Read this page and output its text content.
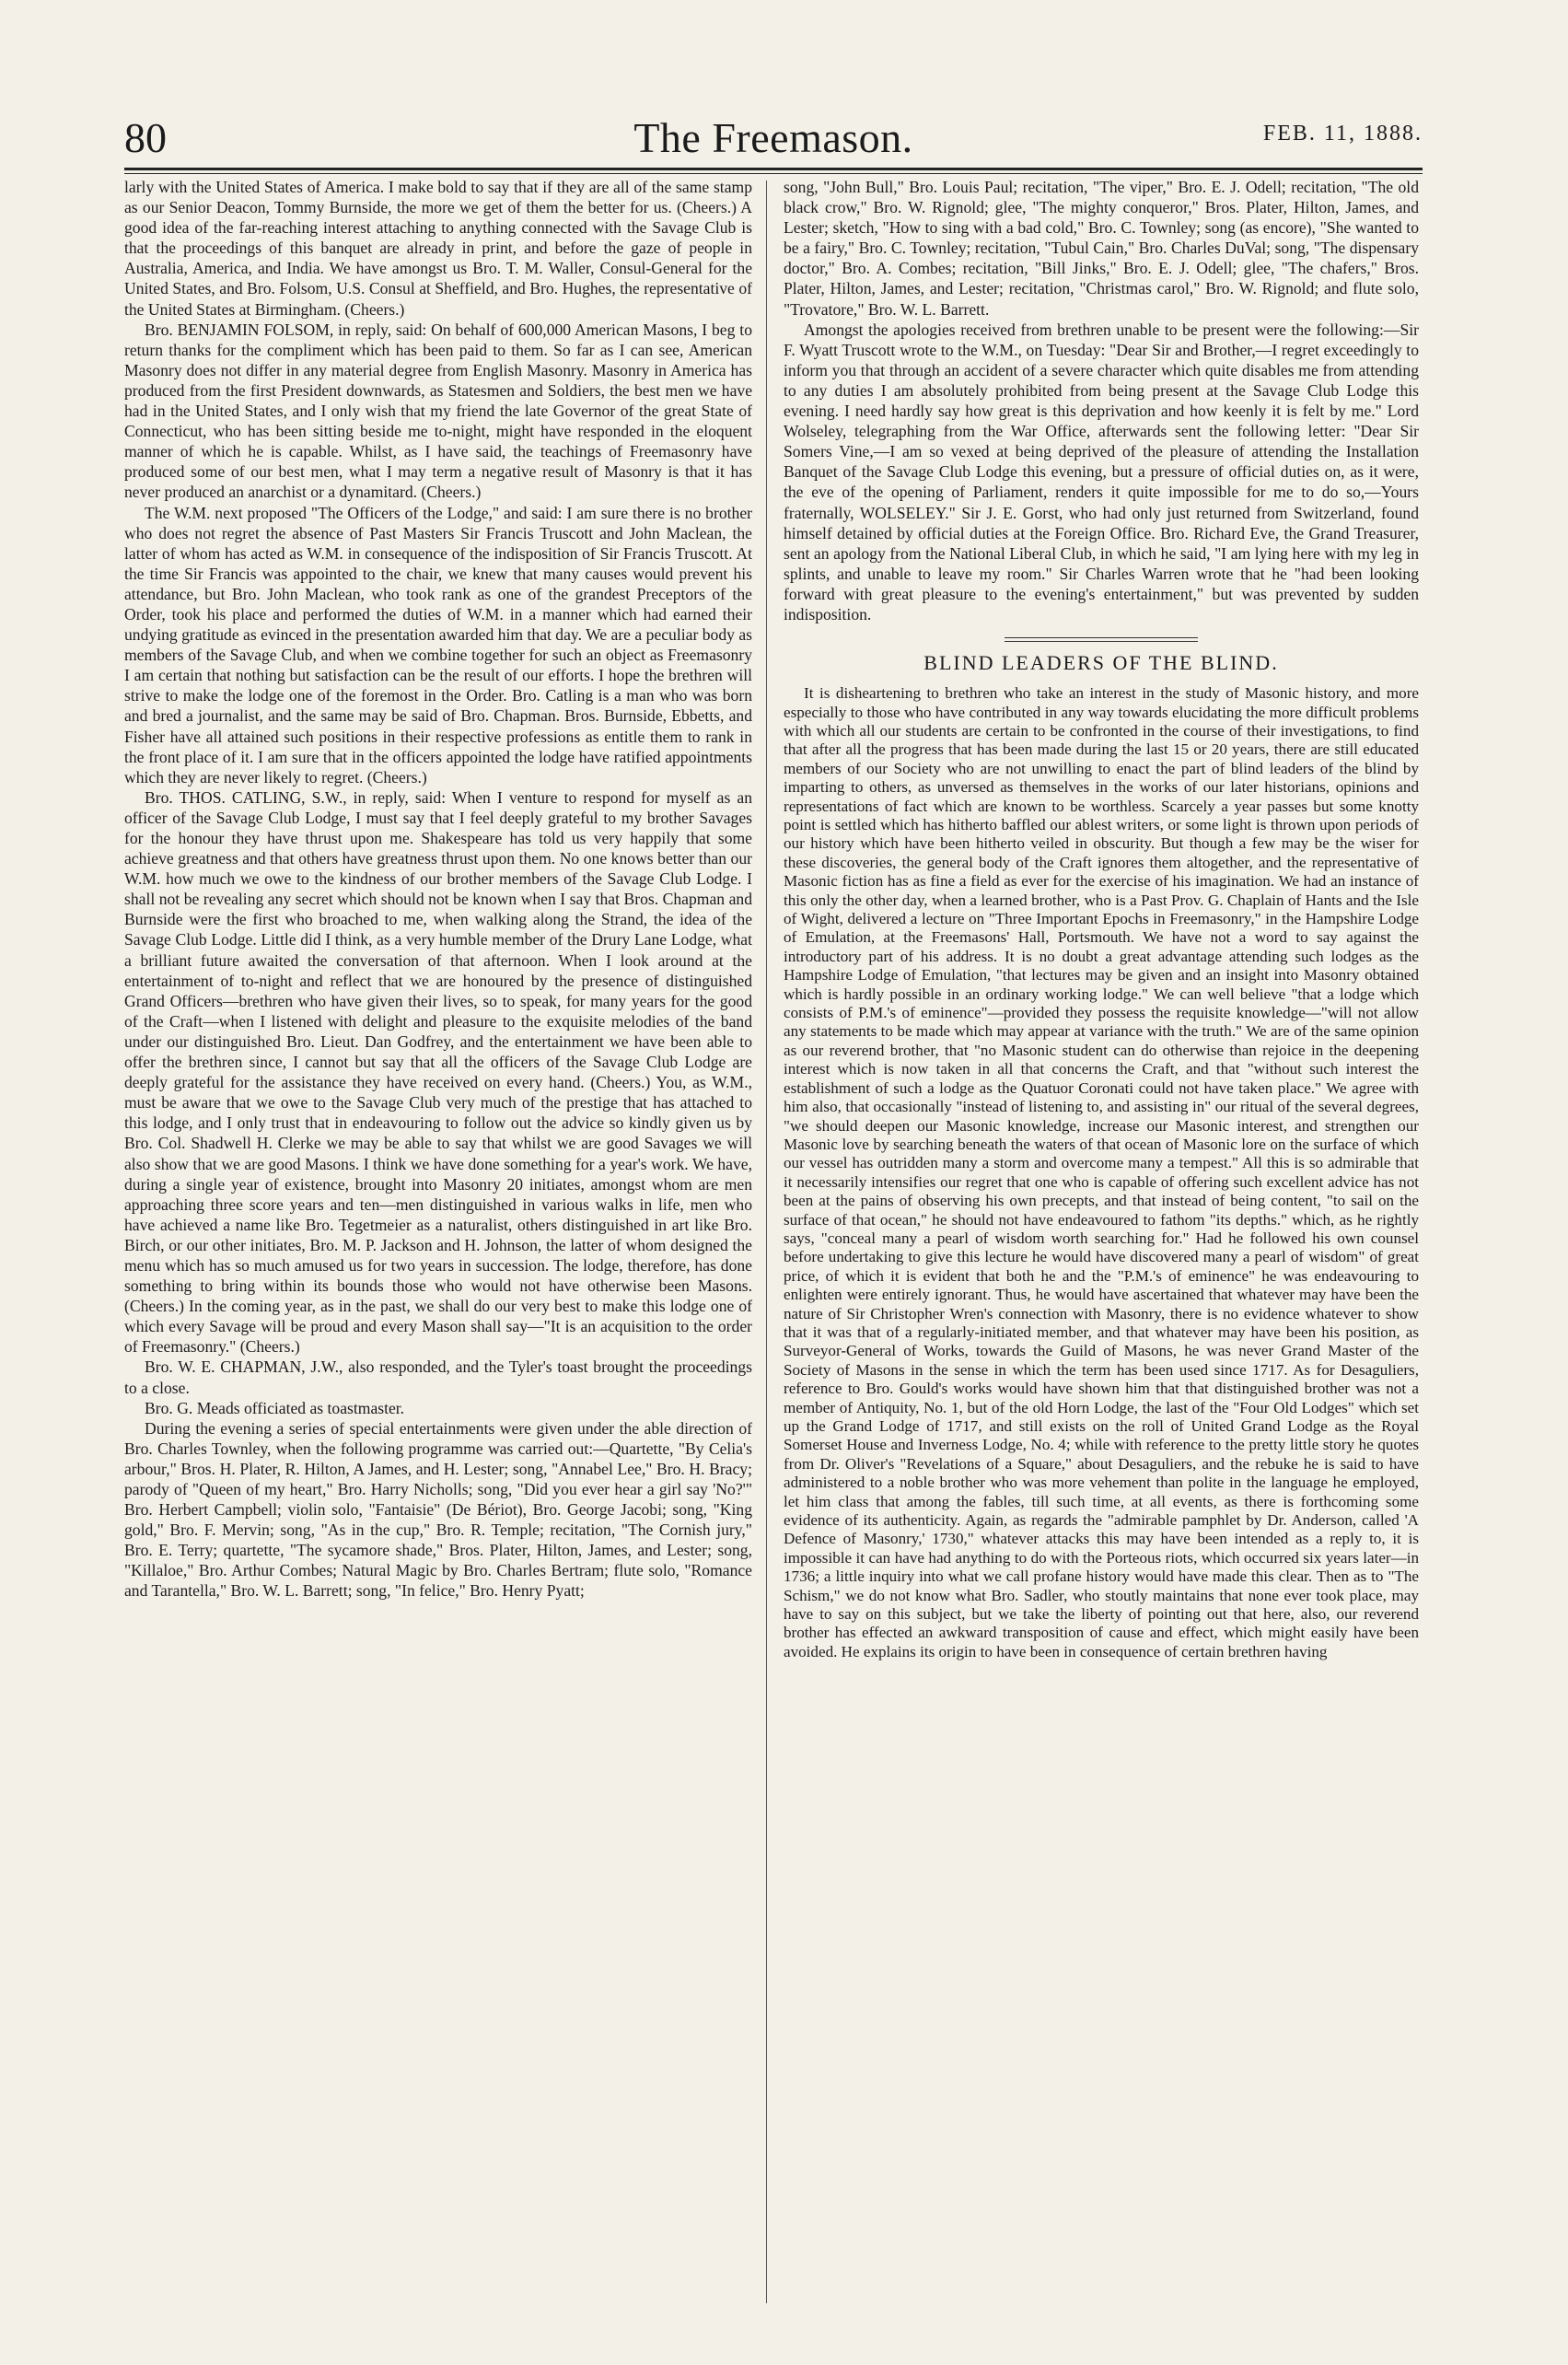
80	The Freemason.	FEB. 11, 1888.

larly with the United States of America. I make bold to say that if they are all of the same stamp as our Senior Deacon, Tommy Burnside, the more we get of them the better for us. (Cheers.) A good idea of the far-reaching interest attaching to anything connected with the Savage Club is that the proceedings of this banquet are already in print, and before the gaze of people in Australia, America, and India. We have amongst us Bro. T. M. Waller, Consul-General for the United States, and Bro. Folsom, U.S. Consul at Sheffield, and Bro. Hughes, the representative of the United States at Birmingham. (Cheers.)

Bro. BENJAMIN FOLSOM, in reply, said: On behalf of 600,000 American Masons, I beg to return thanks for the compliment which has been paid to them. So far as I can see, American Masonry does not differ in any material degree from English Masonry. Masonry in America has produced from the first President downwards, as Statesmen and Soldiers, the best men we have had in the United States, and I only wish that my friend the late Governor of the great State of Connecticut, who has been sitting beside me to-night, might have responded in the eloquent manner of which he is capable. Whilst, as I have said, the teachings of Freemasonry have produced some of our best men, what I may term a negative result of Masonry is that it has never produced an anarchist or a dynamitard. (Cheers.)

The W.M. next proposed "The Officers of the Lodge," and said: I am sure there is no brother who does not regret the absence of Past Masters Sir Francis Truscott and John Maclean, the latter of whom has acted as W.M. in consequence of the indisposition of Sir Francis Truscott. At the time Sir Francis was appointed to the chair, we knew that many causes would prevent his attendance, but Bro. John Maclean, who took rank as one of the grandest Preceptors of the Order, took his place and performed the duties of W.M. in a manner which had earned their undying gratitude as evinced in the presentation awarded him that day. We are a peculiar body as members of the Savage Club, and when we combine together for such an object as Freemasonry I am certain that nothing but satisfaction can be the result of our efforts. I hope the brethren will strive to make the lodge one of the foremost in the Order. Bro. Catling is a man who was born and bred a journalist, and the same may be said of Bro. Chapman. Bros. Burnside, Ebbetts, and Fisher have all attained such positions in their respective professions as entitle them to rank in the front place of it. I am sure that in the officers appointed the lodge have ratified appointments which they are never likely to regret. (Cheers.)

Bro. THOS. CATLING, S.W., in reply, said: When I venture to respond for myself as an officer of the Savage Club Lodge, I must say that I feel deeply grateful to my brother Savages for the honour they have thrust upon me. Shakespeare has told us very happily that some achieve greatness and that others have greatness thrust upon them. No one knows better than our W.M. how much we owe to the kindness of our brother members of the Savage Club Lodge. I shall not be revealing any secret which should not be known when I say that Bros. Chapman and Burnside were the first who broached to me, when walking along the Strand, the idea of the Savage Club Lodge. Little did I think, as a very humble member of the Drury Lane Lodge, what a brilliant future awaited the conversation of that afternoon. When I look around at the entertainment of to-night and reflect that we are honoured by the presence of distinguished Grand Officers—brethren who have given their lives, so to speak, for many years for the good of the Craft—when I listened with delight and pleasure to the exquisite melodies of the band under our distinguished Bro. Lieut. Dan Godfrey, and the entertainment we have been able to offer the brethren since, I cannot but say that all the officers of the Savage Club Lodge are deeply grateful for the assistance they have received on every hand. (Cheers.) You, as W.M., must be aware that we owe to the Savage Club very much of the prestige that has attached to this lodge, and I only trust that in endeavouring to follow out the advice so kindly given us by Bro. Col. Shadwell H. Clerke we may be able to say that whilst we are good Savages we will also show that we are good Masons. I think we have done something for a year's work. We have, during a single year of existence, brought into Masonry 20 initiates, amongst whom are men approaching three score years and ten—men distinguished in various walks in life, men who have achieved a name like Bro. Tegetmeier as a naturalist, others distinguished in art like Bro. Birch, or our other initiates, Bro. M. P. Jackson and H. Johnson, the latter of whom designed the menu which has so much amused us for two years in succession. The lodge, therefore, has done something to bring within its bounds those who would not have otherwise been Masons. (Cheers.) In the coming year, as in the past, we shall do our very best to make this lodge one of which every Savage will be proud and every Mason shall say—"It is an acquisition to the order of Freemasonry." (Cheers.)

Bro. W. E. CHAPMAN, J.W., also responded, and the Tyler's toast brought the proceedings to a close.

Bro. G. Meads officiated as toastmaster.

During the evening a series of special entertainments were given under the able direction of Bro. Charles Townley, when the following programme was carried out:—Quartette, "By Celia's arbour," Bros. H. Plater, R. Hilton, A James, and H. Lester; song, "Annabel Lee," Bro. H. Bracy; parody of "Queen of my heart," Bro. Harry Nicholls; song, "Did you ever hear a girl say 'No?'" Bro. Herbert Campbell; violin solo, "Fantaisie" (De Bériot), Bro. George Jacobi; song, "King gold," Bro. F. Mervin; song, "As in the cup," Bro. R. Temple; recitation, "The Cornish jury," Bro. E. Terry; quartette, "The sycamore shade," Bros. Plater, Hilton, James, and Lester; song, "Killaloe," Bro. Arthur Combes; Natural Magic by Bro. Charles Bertram; flute solo, "Romance and Tarantella," Bro. W. L. Barrett; song, "In felice," Bro. Henry Pyatt;

song, "John Bull," Bro. Louis Paul; recitation, "The viper," Bro. E. J. Odell; recitation, "The old black crow," Bro. W. Rignold; glee, "The mighty conqueror," Bros. Plater, Hilton, James, and Lester; sketch, "How to sing with a bad cold," Bro. C. Townley; song (as encore), "She wanted to be a fairy," Bro. C. Townley; recitation, "Tubul Cain," Bro. Charles DuVal; song, "The dispensary doctor," Bro. A. Combes; recitation, "Bill Jinks," Bro. E. J. Odell; glee, "The chafers," Bros. Plater, Hilton, James, and Lester; recitation, "Christmas carol," Bro. W. Rignold; and flute solo, "Trovatore," Bro. W. L. Barrett.

Amongst the apologies received from brethren unable to be present were the following:—Sir F. Wyatt Truscott wrote to the W.M., on Tuesday: "Dear Sir and Brother,—I regret exceedingly to inform you that through an accident of a severe character which quite disables me from attending to any duties I am absolutely prohibited from being present at the Savage Club Lodge this evening. I need hardly say how great is this deprivation and how keenly it is felt by me." Lord Wolseley, telegraphing from the War Office, afterwards sent the following letter: "Dear Sir Somers Vine,—I am so vexed at being deprived of the pleasure of attending the Installation Banquet of the Savage Club Lodge this evening, but a pressure of official duties on, as it were, the eve of the opening of Parliament, renders it quite impossible for me to do so,—Yours fraternally, WOLSELEY." Sir J. E. Gorst, who had only just returned from Switzerland, found himself detained by official duties at the Foreign Office. Bro. Richard Eve, the Grand Treasurer, sent an apology from the National Liberal Club, in which he said, "I am lying here with my leg in splints, and unable to leave my room." Sir Charles Warren wrote that he "had been looking forward with great pleasure to the evening's entertainment," but was prevented by sudden indisposition.

BLIND LEADERS OF THE BLIND.

It is disheartening to brethren who take an interest in the study of Masonic history, and more especially to those who have contributed in any way towards elucidating the more difficult problems with which all our students are certain to be confronted in the course of their investigations, to find that after all the progress that has been made during the last 15 or 20 years, there are still educated members of our Society who are not unwilling to enact the part of blind leaders of the blind by imparting to others, as unversed as themselves in the works of our later historians, opinions and representations of fact which are known to be worthless. Scarcely a year passes but some knotty point is settled which has hitherto baffled our ablest writers, or some light is thrown upon periods of our history which have been hitherto veiled in obscurity. But though a few may be the wiser for these discoveries, the general body of the Craft ignores them altogether, and the representative of Masonic fiction has as fine a field as ever for the exercise of his imagination. We had an instance of this only the other day, when a learned brother, who is a Past Prov. G. Chaplain of Hants and the Isle of Wight, delivered a lecture on "Three Important Epochs in Freemasonry," in the Hampshire Lodge of Emulation, at the Freemasons' Hall, Portsmouth. We have not a word to say against the introductory part of his address. It is no doubt a great advantage attending such lodges as the Hampshire Lodge of Emulation, "that lectures may be given and an insight into Masonry obtained which is hardly possible in an ordinary working lodge." We can well believe "that a lodge which consists of P.M.'s of eminence"—provided they possess the requisite knowledge—"will not allow any statements to be made which may appear at variance with the truth." We are of the same opinion as our reverend brother, that "no Masonic student can do otherwise than rejoice in the deepening interest which is now taken in all that concerns the Craft, and that "without such interest the establishment of such a lodge as the Quatuor Coronati could not have taken place." We agree with him also, that occasionally "instead of listening to, and assisting in" our ritual of the several degrees, "we should deepen our Masonic knowledge, increase our Masonic interest, and strengthen our Masonic love by searching beneath the waters of that ocean of Masonic lore on the surface of which our vessel has outridden many a storm and overcome many a tempest." All this is so admirable that it necessarily intensifies our regret that one who is capable of offering such excellent advice has not been at the pains of observing his own precepts, and that instead of being content, "to sail on the surface of that ocean," he should not have endeavoured to fathom "its depths." which, as he rightly says, "conceal many a pearl of wisdom worth searching for." Had he followed his own counsel before undertaking to give this lecture he would have discovered many a pearl of wisdom" of great price, of which it is evident that both he and the "P.M.'s of eminence" he was endeavouring to enlighten were entirely ignorant. Thus, he would have ascertained that whatever may have been the nature of Sir Christopher Wren's connection with Masonry, there is no evidence whatever to show that it was that of a regularly-initiated member, and that whatever may have been his position, as Surveyor-General of Works, towards the Guild of Masons, he was never Grand Master of the Society of Masons in the sense in which the term has been used since 1717. As for Desaguliers, reference to Bro. Gould's works would have shown him that that distinguished brother was not a member of Antiquity, No. 1, but of the old Horn Lodge, the last of the "Four Old Lodges" which set up the Grand Lodge of 1717, and still exists on the roll of United Grand Lodge as the Royal Somerset House and Inverness Lodge, No. 4; while with reference to the pretty little story he quotes from Dr. Oliver's "Revelations of a Square," about Desaguliers, and the rebuke he is said to have administered to a noble brother who was more vehement than polite in the language he employed, let him class that among the fables, till such time, at all events, as there is forthcoming some evidence of its authenticity. Again, as regards the "admirable pamphlet by Dr. Anderson, called 'A Defence of Masonry,' 1730," whatever attacks this may have been intended as a reply to, it is impossible it can have had anything to do with the Porteous riots, which occurred six years later—in 1736; a little inquiry into what we call profane history would have made this clear. Then as to "The Schism," we do not know what Bro. Sadler, who stoutly maintains that none ever took place, may have to say on this subject, but we take the liberty of pointing out that here, also, our reverend brother has effected an awkward transposition of cause and effect, which might easily have been avoided. He explains its origin to have been in consequence of certain brethren having
